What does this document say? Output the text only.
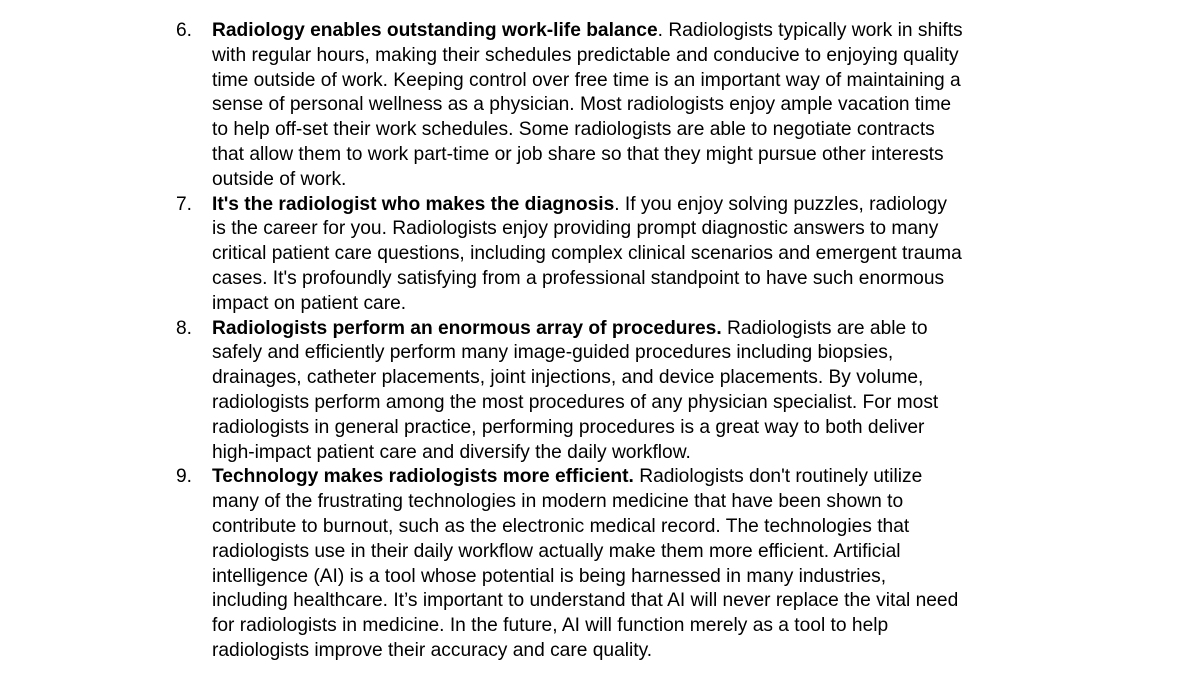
6. Radiology enables outstanding work-life balance. Radiologists typically work in shifts
with regular hours, making their schedules predictable and conducive to enjoying quality
time outside of work. Keeping control over free time is an important way of maintaining a
sense of personal wellness as a physician. Most radiologists enjoy ample vacation time
to help off-set their work schedules. Some radiologists are able to negotiate contracts
that allow them to work part-time or job share so that they might pursue other interests
outside of work.
7. It's the radiologist who makes the diagnosis. If you enjoy solving puzzles, radiology
is the career for you. Radiologists enjoy providing prompt diagnostic answers to many
critical patient care questions, including complex clinical scenarios and emergent trauma
cases. It's profoundly satisfying from a professional standpoint to have such enormous
impact on patient care.
8. Radiologists perform an enormous array of procedures. Radiologists are able to
safely and efficiently perform many image-guided procedures including biopsies,
drainages, catheter placements, joint injections, and device placements. By volume,
radiologists perform among the most procedures of any physician specialist. For most
radiologists in general practice, performing procedures is a great way to both deliver
high-impact patient care and diversify the daily workflow.
9. Technology makes radiologists more efficient. Radiologists don't routinely utilize
many of the frustrating technologies in modern medicine that have been shown to
contribute to burnout, such as the electronic medical record. The technologies that
radiologists use in their daily workflow actually make them more efficient. Artificial
intelligence (AI) is a tool whose potential is being harnessed in many industries,
including healthcare. It’s important to understand that AI will never replace the vital need
for radiologists in medicine. In the future, AI will function merely as a tool to help
radiologists improve their accuracy and care quality.
